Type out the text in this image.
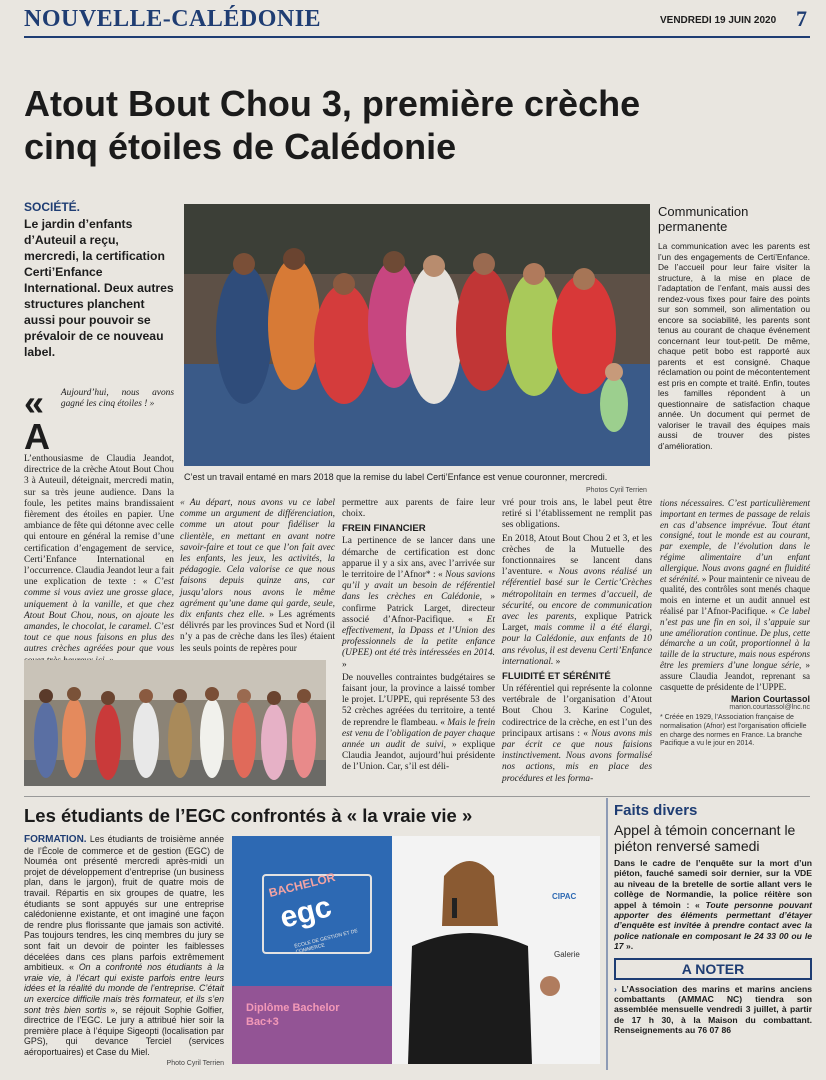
NOUVELLE-CALÉDONIE	VENDREDI 19 JUIN 2020 7
Atout Bout Chou 3, première crèche
cinq étoiles de Calédonie
SOCIÉTÉ.
Le jardin d’enfants d’Auteuil a reçu, mercredi, la certification Certi’Enfance International. Deux autres structures planchent aussi pour pouvoir se prévaloir de ce nouveau label.
C’est un travail entamé en mars 2018 que la remise du label Certi’Enfance est venue couronner, mercredi.
Photos Cyril Terrien
Communication permanente

La communication avec les parents est l’un des engagements de Certi’Enfance. De l’accueil pour leur faire visiter la structure, à la mise en place de l’adaptation de l’enfant, mais aussi des rendez-vous fixes pour faire des points sur son sommeil, son alimentation ou encore sa sociabilité, les parents sont tenus au courant de chaque événement concernant leur tout-petit. De même, chaque petit bobo est rapporté aux parents et est consigné. Chaque réclamation ou point de mécontentement est pris en compte et traité. Enfin, toutes les familles répondent à un questionnaire de satisfaction chaque année. Un document qui permet de valoriser le travail des équipes mais aussi de trouver des pistes d’amélioration.

« A

Aujourd’hui, nous avons gagné les cinq étoiles ! »

L’enthousiasme de Claudia Jeandot, directrice de la crèche Atout Bout Chou 3 à Auteuil, déteignait, mercredi matin, sur sa très jeune audience. Dans la foule, les petites mains brandissaient fièrement des étoiles en papier. Une ambiance de fête qui détonne avec celle qui entoure en général la remise d’une certification d’engagement de service, Certi’Enfance International en l’occurrence. Claudia Jeandot leur a fait une explication de texte : « C’est comme si vous aviez une grosse glace, uniquement à la vanille, et que chez Atout Bout Chou, nous, on ajoute les amandes, le chocolat, le caramel. C’est tout ce que nous faisons en plus des autres crèches agréées pour que vous

« Au départ, nous avons vu ce label comme un argument de différenciation, comme un atout pour fidéliser la clientèle, en mettant en avant notre savoir-faire et tout ce que l’on fait avec les enfants, les jeux, les activités, la pédagogie. Cela valorise ce que nous faisons depuis quinze ans, car jusqu’alors nous avons le même agrément qu’une dame qui garde, seule, dix enfants chez elle. » Les agréments délivrés par les provinces Sud et Nord (il n’y a pas de crèche dans les îles) étaient les seuls points de repères pour

permettre aux parents de faire leur choix.

FREIN FINANCIER

La pertinence de se lancer dans une démarche de certification est donc apparue il y a six ans, avec l’arrivée sur le territoire de l’Afnor* : « Nous savions qu’il y avait un besoin de référentiel dans les crèches en Calédonie, » confirme Patrick Larget, directeur associé d’Afnor-Pacifique. « Et effectivement, la Dpass et l’Union des professionnels de la petite enfance (UPEE) ont été très intéressées en 2014. »

De nouvelles contraintes budgétaires se faisant jour, la province a laissé tomber le projet. L’UPPE, qui représente 53 des 52 crèches agréées du territoire, a tenté de reprendre le flambeau. « Mais le frein est venu de l’obligation de payer chaque année un audit de suivi, » explique Claudia Jeandot, aujourd’hui présidente de l’Union. Car, s’il est déli-

vré pour trois ans, le label peut être retiré si l’établissement ne remplit pas ses obligations.

En 2018, Atout Bout Chou 2 et 3, et les crèches de la Mutuelle des fonctionnaires se lancent dans l’aventure. « Nous avons réalisé un référentiel basé sur le Certic’Crèches métropolitain en termes d’accueil, de sécurité, ou encore de communication avec les parents, explique Patrick Larget, mais comme il a été élargi, pour la Calédonie, aux enfants de 10 ans révolus, il est devenu Certi’Enfance international. »

FLUIDITÉ ET SÉRÉNITÉ

Un référentiel qui représente la colonne vertébrale de l’organisation d’Atout Bout Chou 3. Karine Cogulet, codirectrice de la crèche, en est l’un des principaux artisans : « Nous avons mis par écrit ce que nous faisions instinctivement. Nous avons formalisé nos actions, mis en place des procédures et les forma-

tions nécessaires. C’est particulièrement important en termes de passage de relais en cas d’absence imprévue. Tout étant consigné, tout le monde est au courant, par exemple, de l’évolution dans le régime alimentaire d’un enfant allergique. Nous avons gagné en fluidité et sérénité. » Pour maintenir ce niveau de qualité, des contrôles sont menés chaque mois en interne et un audit annuel est réalisé par l’Afnor-Pacifique. « Ce label n’est pas une fin en soi, il s’appuie sur une amélioration continue. De plus, cette démarche a un coût, proportionnel à la taille de la structure, mais nous espérons être les premiers d’une longue série, » assure Claudia Jeandot, reprenant sa casquette de présidente de l’UPPE.

Marion Courtassol
marion.courtassol@lnc.nc
* Créée en 1929, l’Association française de normalisation (Afnor) est l’organisation officielle en charge des normes en France. La branche Pacifique a vu le jour en 2014.
Les étudiants de l’EGC confrontés à « la vraie vie »

FORMATION. Les étudiants de troisième année de l’École de commerce et de gestion (EGC) de Nouméa ont présenté mercredi après-midi un projet de développement d’entreprise (un business plan, dans le jargon), fruit de quatre mois de travail. Répartis en six groupes de quatre, les étudiants se sont appuyés sur une entreprise calédonienne existante, et ont imaginé une façon de rendre plus florissante que jamais son activité. Pas toujours tendres, les cinq membres du jury se sont fait un devoir de pointer les faiblesses décelées dans ces plans parfois extrêmement ambitieux. « On a confronté nos étudiants à la vraie vie, à l’écart qui existe parfois entre leurs idées et la réalité du monde de l’entreprise. C’était un exercice difficile mais très formateur, et ils s’en sont très bien sortis », se réjouit Sophie Golfier, directrice de l’EGC. Le jury a attribué hier soir la première place à l’équipe Sigeopti (localisation par GPS), qui devance Terciel (services aéroportuaires) et Case du Miel.

Photo Cyril Terrien
BACHELOR
egc
ÉCOLE DE GESTION ET DE COMMERCE
CIPAC
Galerie
Faits divers
Appel à témoin concernant le piéton renversé samedi

Dans le cadre de l’enquête sur la mort d’un piéton, fauché samedi soir dernier, sur la VDE au niveau de la bretelle de sortie allant vers le collège de Normandie, la police réitère son appel à témoin : « Toute personne pouvant apporter des éléments permettant d’étayer d’enquête est invitée à prendre contact avec la police nationale en composant le 24 33 00 ou le 17 ».

A NOTER

› L’Association des marins et marins anciens combattants (AMMAC NC) tiendra son assemblée mensuelle vendredi 3 juillet, à partir de 17 h 30, à la Maison du combattant. Renseignements au 76 07 86
